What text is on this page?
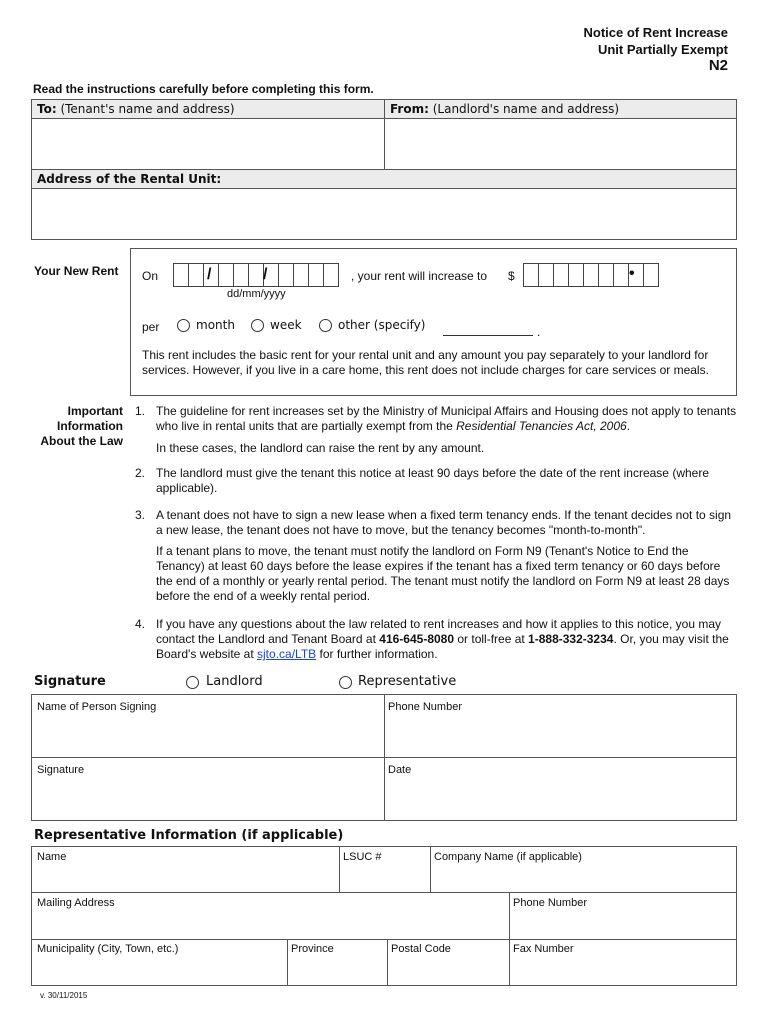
Notice of Rent Increase
Unit Partially Exempt
N2
Read the instructions carefully before completing this form.
To: (Tenant's name and address)	From: (Landlord's name and address)
Address of the Rental Unit:
Your New Rent On	/	/
dd/mm/yyyy
, your rent will increase to $	•
per	month	week	other (specify)	.
This rent includes the basic rent for your rental unit and any amount you pay separately to your landlord for services. However, if you live in a care home, this rent does not include charges for care services or meals.
Important
Information
About the Law
1. The guideline for rent increases set by the Ministry of Municipal Affairs and Housing does not apply to tenants who live in rental units that are partially exempt from the Residential Tenancies Act, 2006.
In these cases, the landlord can raise the rent by any amount.
2. The landlord must give the tenant this notice at least 90 days before the date of the rent increase (where applicable).
3. A tenant does not have to sign a new lease when a fixed term tenancy ends. If the tenant decides not to sign a new lease, the tenant does not have to move, but the tenancy becomes "month-to-month".
If a tenant plans to move, the tenant must notify the landlord on Form N9 (Tenant's Notice to End the Tenancy) at least 60 days before the lease expires if the tenant has a fixed term tenancy or 60 days before the end of a monthly or yearly rental period. The tenant must notify the landlord on Form N9 at least 28 days before the end of a weekly rental period.
4. If you have any questions about the law related to rent increases and how it applies to this notice, you may contact the Landlord and Tenant Board at 416-645-8080 or toll-free at 1-888-332-3234. Or, you may visit the Board's website at sjto.ca/LTB for further information.
Signature	Landlord	Representative
Name of Person Signing	Phone Number
Signature	Date
Representative Information (if applicable)
Name	LSUC #	Company Name (if applicable)
Mailing Address	Phone Number
Municipality (City, Town, etc.)	Province	Postal Code	Fax Number
v. 30/11/2015
